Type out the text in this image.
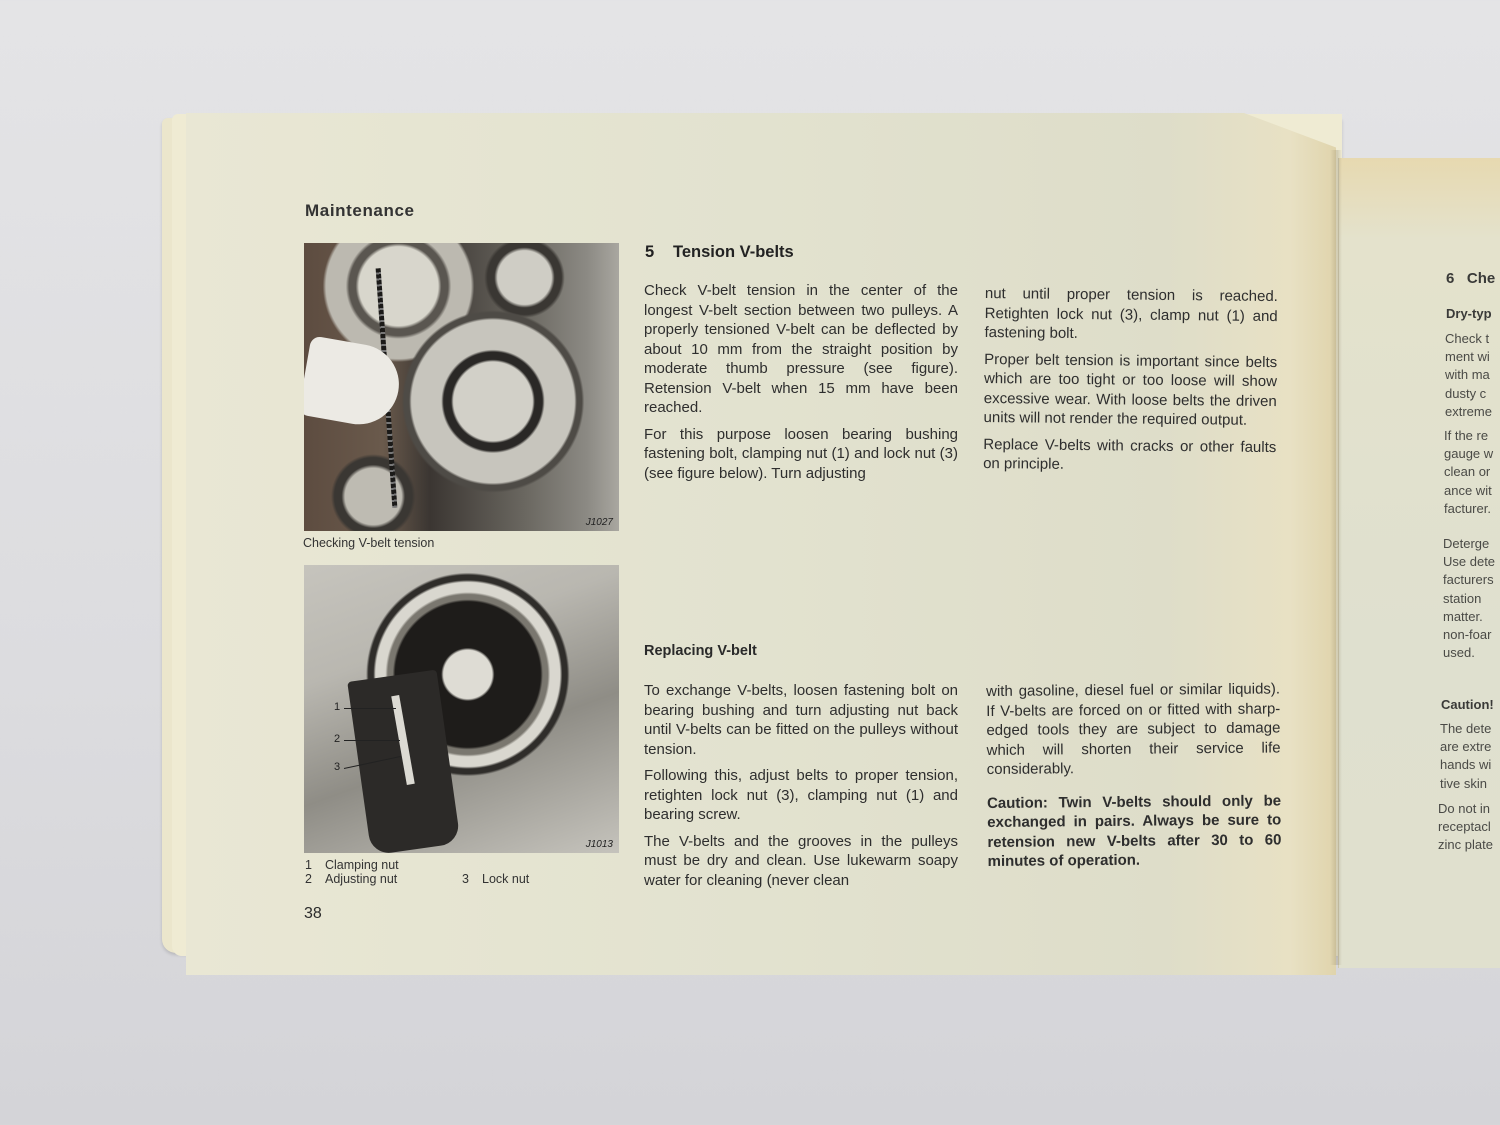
Maintenance
J1027
Checking V-belt tension
1
2
3
J1013
1 Clamping nut
2 Adjusting nut	3 Lock nut
38
5 Tension V-belts

Check V-belt tension in the center of the longest V-belt section between two pulleys. A properly tensioned V-belt can be deflected by about 10 mm from the straight position by moderate thumb pressure (see figure). Retension V-belt when 15 mm have been reached.

For this purpose loosen bearing bushing fastening bolt, clamping nut (1) and lock nut (3) (see figure below). Turn adjusting

nut until proper tension is reached. Retighten lock nut (3), clamp nut (1) and fastening bolt.

Proper belt tension is important since belts which are too tight or too loose will show excessive wear. With loose belts the driven units will not render the required output.

Replace V-belts with cracks or other faults on principle.

Replacing V-belt

To exchange V-belts, loosen fastening bolt on bearing bushing and turn adjusting nut back until V-belts can be fitted on the pulleys without tension.

Following this, adjust belts to proper tension, retighten lock nut (3), clamping nut (1) and bearing screw.

The V-belts and the grooves in the pulleys must be dry and clean. Use lukewarm soapy water for cleaning (never clean

with gasoline, diesel fuel or similar liquids). If V-belts are forced on or fitted with sharp-edged tools they are subject to damage which will shorten their service life considerably.

Caution: Twin V-belts should only be exchanged in pairs. Always be sure to retension new V-belts after 30 to 60 minutes of operation.

6 Che
Dry-typ
Check t
ment wi
with ma
dusty c
extreme
If the re
gauge w
clean or
ance wit
facturer.
Deterge
Use dete
facturers
station
matter.
non-foar
used.
Caution!
The dete
are extre
hands wi
tive skin
Do not in
receptacl
zinc plate
